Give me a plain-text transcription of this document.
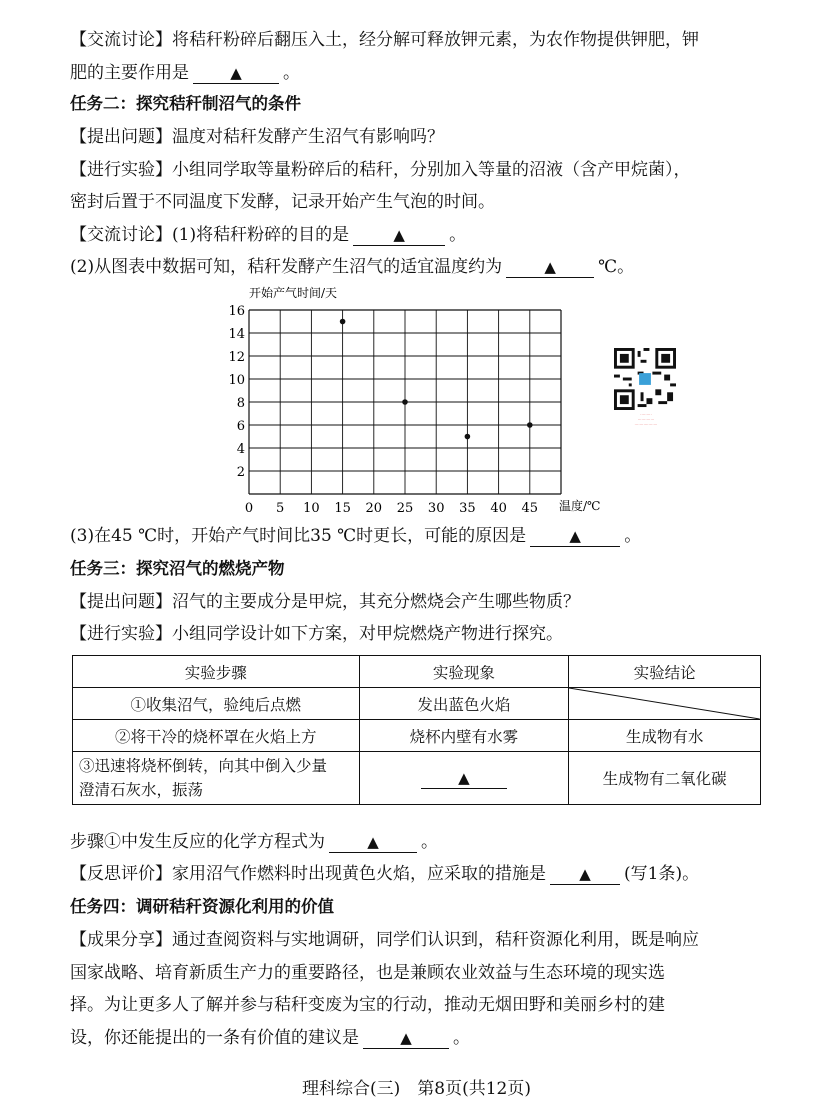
【交流讨论】将秸秆粉碎后翻压入土，经分解可释放钾元素，为农作物提供钾肥，钾
肥的主要作用是	▲ 。
任务二：探究秸秆制沼气的条件
【提出问题】温度对秸秆发酵产生沼气有影响吗？
【进行实验】小组同学取等量粉碎后的秸秆，分别加入等量的沼液（含产甲烷菌），
密封后置于不同温度下发酵，记录开始产生气泡的时间。
【交流讨论】(1)将秸秆粉碎的目的是	▲	。
(2)从图表中数据可知，秸秆发酵产生沼气的适宜温度约为	▲ ℃。
2
4
6
8
10
12
14
16
0 5 10 15 20 25 30 35 40 45
开始产气时间/天
温度/℃
·········
·············
··················
(3)在45 ℃时，开始产气时间比35 ℃时更长，可能的原因是	▲	。
任务三：探究沼气的燃烧产物
【提出问题】沼气的主要成分是甲烷，其充分燃烧会产生哪些物质？
【进行实验】小组同学设计如下方案，对甲烷燃烧产物进行探究。
实验步骤	实验现象	实验结论
①收集沼气，验纯后点燃	发出蓝色火焰	

②将干冷的烧杯罩在火焰上方	烧杯内壁有水雾	生成物有水
③迅速将烧杯倒转，向其中倒入少量
澄清石灰水，振荡	▲	生成物有二氧化碳
步骤①中发生反应的化学方程式为	▲ 。
【反思评价】家用沼气作燃料时出现黄色火焰，应采取的措施是 ▲ (写1条)。
任务四：调研秸秆资源化利用的价值
【成果分享】通过查阅资料与实地调研，同学们认识到，秸秆资源化利用，既是响应
国家战略、培育新质生产力的重要路径，也是兼顾农业效益与生态环境的现实选
择。为让更多人了解并参与秸秆变废为宝的行动，推动无烟田野和美丽乡村的建
设，你还能提出的一条有价值的建议是	▲ 。
理科综合(三)　第8页(共12页)
